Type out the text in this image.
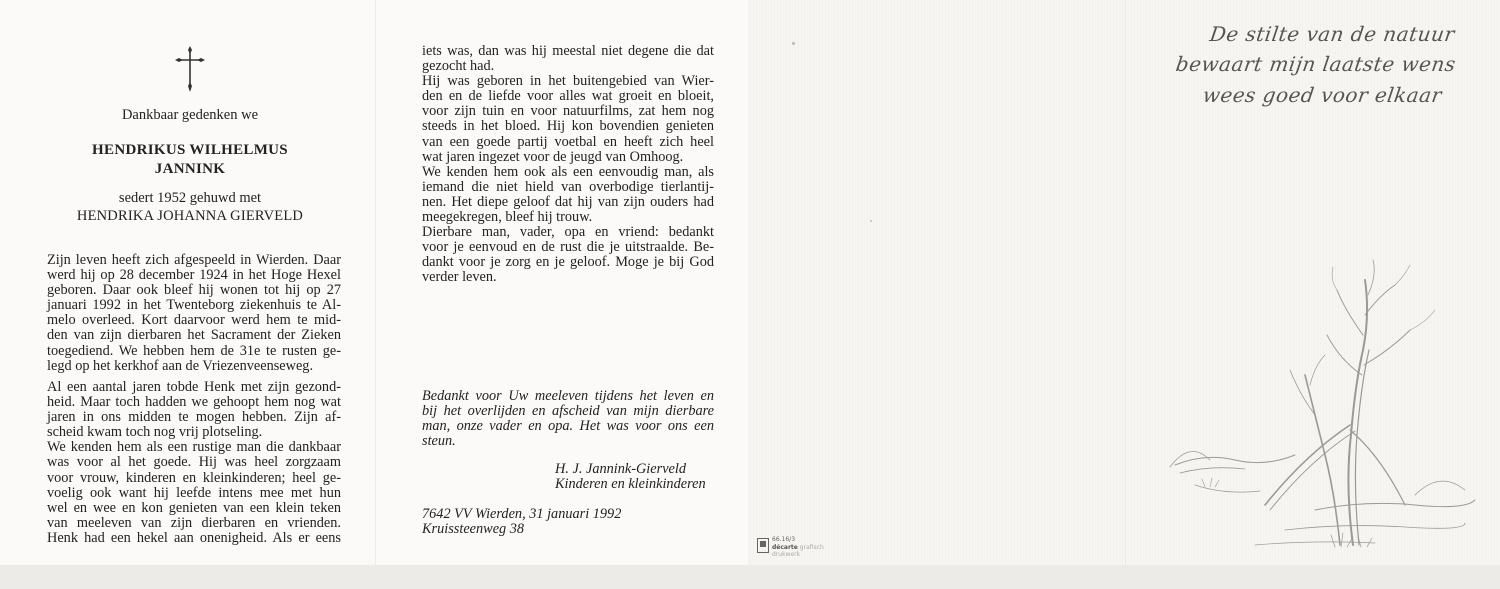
Dankbaar gedenken we
HENDRIKUS WILHELMUS
JANNINK
sedert 1952 gehuwd met
HENDRIKA JOHANNA GIERVELD
Zijn leven heeft zich afgespeeld in Wierden. Daar
werd hij op 28 december 1924 in het Hoge Hexel
geboren. Daar ook bleef hij wonen tot hij op 27
januari 1992 in het Twenteborg ziekenhuis te Al-
melo overleed. Kort daarvoor werd hem te mid-
den van zijn dierbaren het Sacrament der Zieken
toegediend. We hebben hem de 31e te rusten ge-
legd op het kerkhof aan de Vriezenveenseweg.
Al een aantal jaren tobde Henk met zijn gezond-
heid. Maar toch hadden we gehoopt hem nog wat
jaren in ons midden te mogen hebben. Zijn af-
scheid kwam toch nog vrij plotseling.
We kenden hem als een rustige man die dankbaar
was voor al het goede. Hij was heel zorgzaam
voor vrouw, kinderen en kleinkinderen; heel ge-
voelig ook want hij leefde intens mee met hun
wel en wee en kon genieten van een klein teken
van meeleven van zijn dierbaren en vrienden.
Henk had een hekel aan onenigheid. Als er eens
iets was, dan was hij meestal niet degene die dat
gezocht had.
Hij was geboren in het buitengebied van Wier-
den en de liefde voor alles wat groeit en bloeit,
voor zijn tuin en voor natuurfilms, zat hem nog
steeds in het bloed. Hij kon bovendien genieten
van een goede partij voetbal en heeft zich heel
wat jaren ingezet voor de jeugd van Omhoog.
We kenden hem ook als een eenvoudig man, als
iemand die niet hield van overbodige tierlantij-
nen. Het diepe geloof dat hij van zijn ouders had
meegekregen, bleef hij trouw.
Dierbare man, vader, opa en vriend: bedankt
voor je eenvoud en de rust die je uitstraalde. Be-
dankt voor je zorg en je geloof. Moge je bij God
verder leven.
Bedankt voor Uw meeleven tijdens het leven en
bij het overlijden en afscheid van mijn dierbare
man, onze vader en opa. Het was voor ons een
steun.
H. J. Jannink-Gierveld
Kinderen en kleinkinderen
7642 VV Wierden, 31 januari 1992
Kruissteenweg 38
De stilte van de natuur
bewaart mijn laatste wens
wees goed voor elkaar
66.16/3
décarte grafisch drukwerk
